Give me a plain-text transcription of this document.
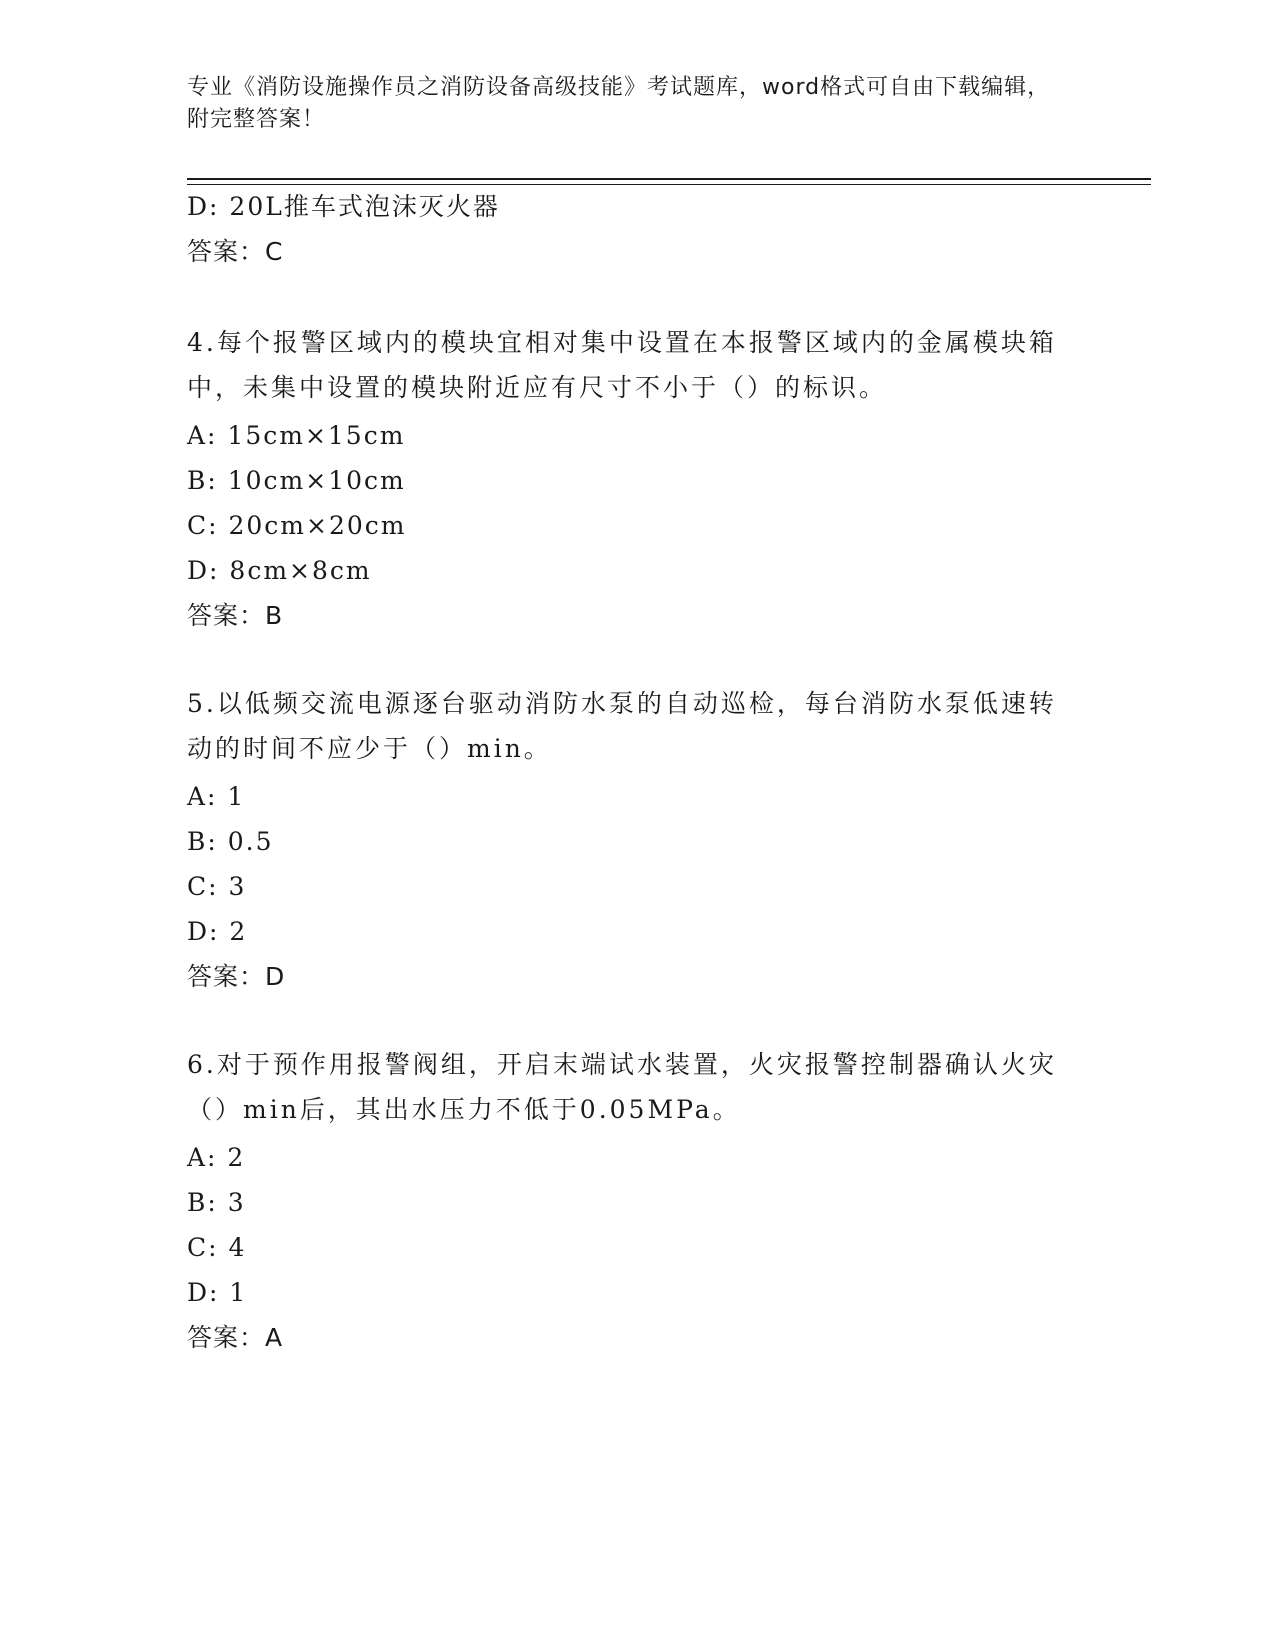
专业《消防设施操作员之消防设备高级技能》考试题库，word格式可自由下载编辑，附完整答案！
D: 20L推车式泡沫灭火器
答案：C
4.每个报警区域内的模块宜相对集中设置在本报警区域内的金属模块箱中，未集中设置的模块附近应有尺寸不小于（）的标识。
A: 15cm×15cm
B: 10cm×10cm
C: 20cm×20cm
D: 8cm×8cm
答案：B
5.以低频交流电源逐台驱动消防水泵的自动巡检，每台消防水泵低速转动的时间不应少于（）min。
A: 1
B: 0.5
C: 3
D: 2
答案：D
6.对于预作用报警阀组，开启末端试水装置，火灾报警控制器确认火灾（）min后，其出水压力不低于0.05MPa。
A: 2
B: 3
C: 4
D: 1
答案：A
